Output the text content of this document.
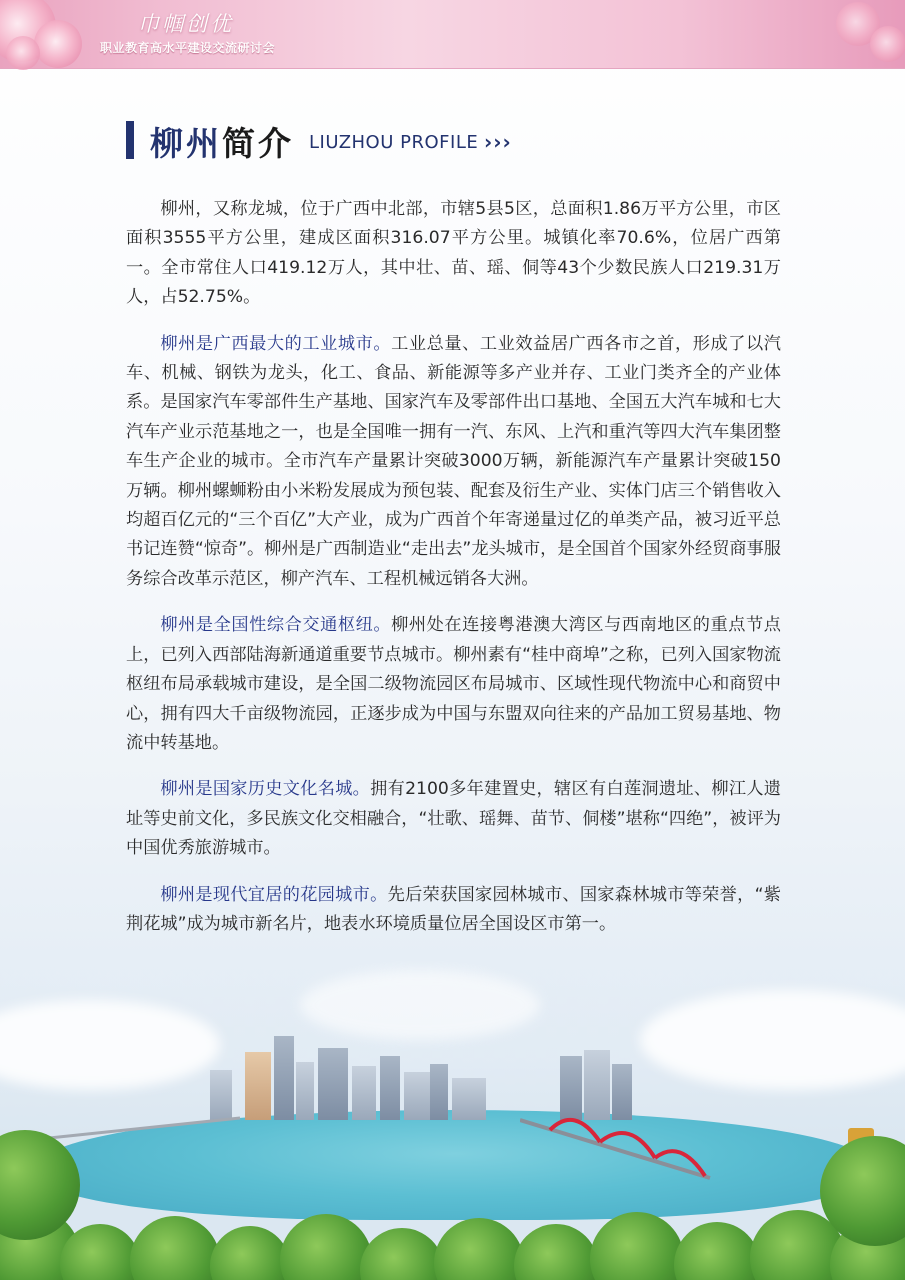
巾帼创优
职业教育高水平建设交流研讨会
柳州简介 LIUZHOU PROFILE ›››

柳州，又称龙城，位于广西中北部，市辖5县5区，总面积1.86万平方公里，市区面积3555平方公里，建成区面积316.07平方公里。城镇化率70.6%，位居广西第一。全市常住人口419.12万人，其中壮、苗、瑶、侗等43个少数民族人口219.31万人，占52.75%。

柳州是广西最大的工业城市。工业总量、工业效益居广西各市之首，形成了以汽车、机械、钢铁为龙头，化工、食品、新能源等多产业并存、工业门类齐全的产业体系。是国家汽车零部件生产基地、国家汽车及零部件出口基地、全国五大汽车城和七大汽车产业示范基地之一，也是全国唯一拥有一汽、东风、上汽和重汽等四大汽车集团整车生产企业的城市。全市汽车产量累计突破3000万辆，新能源汽车产量累计突破150万辆。柳州螺蛳粉由小米粉发展成为预包装、配套及衍生产业、实体门店三个销售收入均超百亿元的“三个百亿”大产业，成为广西首个年寄递量过亿的单类产品，被习近平总书记连赞“惊奇”。柳州是广西制造业“走出去”龙头城市，是全国首个国家外经贸商事服务综合改革示范区，柳产汽车、工程机械远销各大洲。

柳州是全国性综合交通枢纽。柳州处在连接粤港澳大湾区与西南地区的重点节点上，已列入西部陆海新通道重要节点城市。柳州素有“桂中商埠”之称，已列入国家物流枢纽布局承载城市建设，是全国二级物流园区布局城市、区域性现代物流中心和商贸中心，拥有四大千亩级物流园，正逐步成为中国与东盟双向往来的产品加工贸易基地、物流中转基地。

柳州是国家历史文化名城。拥有2100多年建置史，辖区有白莲洞遗址、柳江人遗址等史前文化，多民族文化交相融合，“壮歌、瑶舞、苗节、侗楼”堪称“四绝”，被评为中国优秀旅游城市。

柳州是现代宜居的花园城市。先后荣获国家园林城市、国家森林城市等荣誉，“紫荆花城”成为城市新名片，地表水环境质量位居全国设区市第一。
